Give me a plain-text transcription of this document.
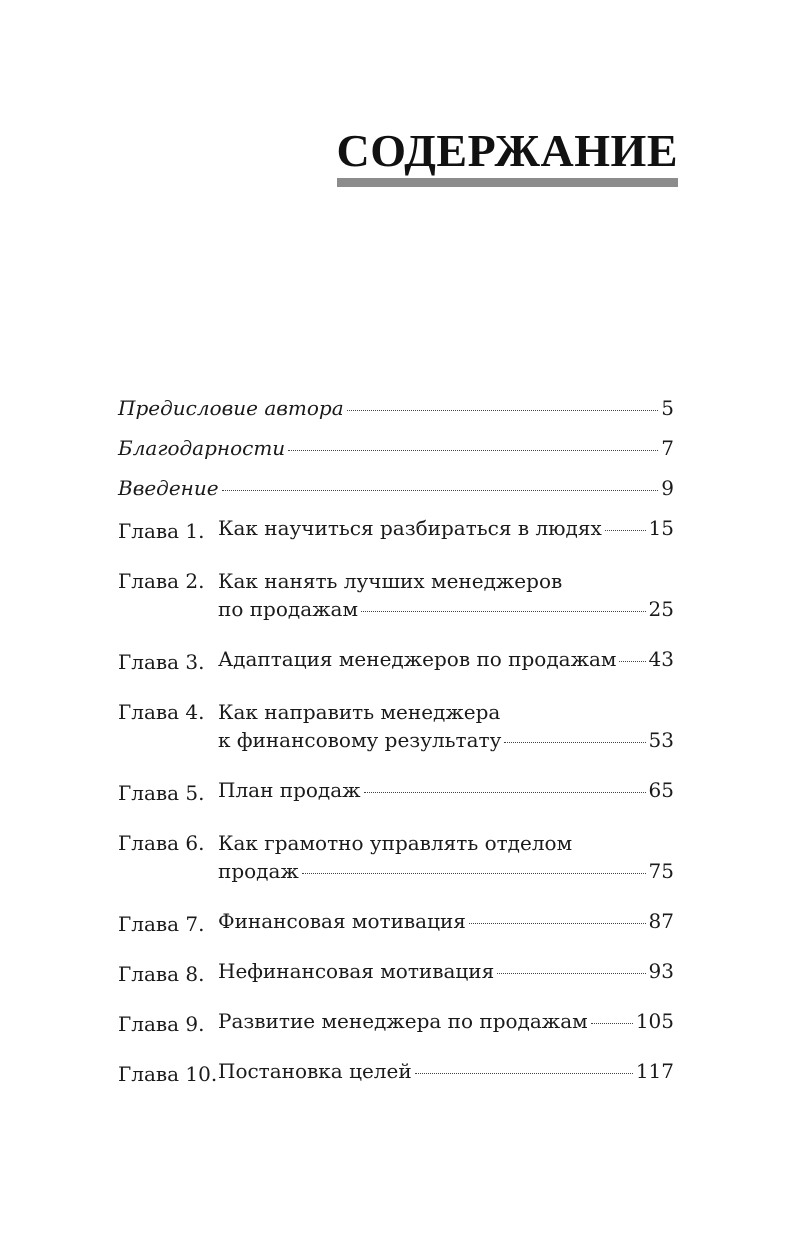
СОДЕРЖАНИЕ
Предисловие автора	5
Благодарности	7
Введение	9
Глава 1. Как научиться разбираться в людях 15
Глава 2. Как нанять лучших менеджеров
по продажам	25
Глава 3. Адаптация менеджеров по продажам 43
Глава 4. Как направить менеджера
к финансовому результату	53
Глава 5. План продаж	65
Глава 6. Как грамотно управлять отделом
продаж	75
Глава 7. Финансовая мотивация	87
Глава 8. Нефинансовая мотивация	93
Глава 9. Развитие менеджера по продажам 105
Глава 10. Постановка целей	117
